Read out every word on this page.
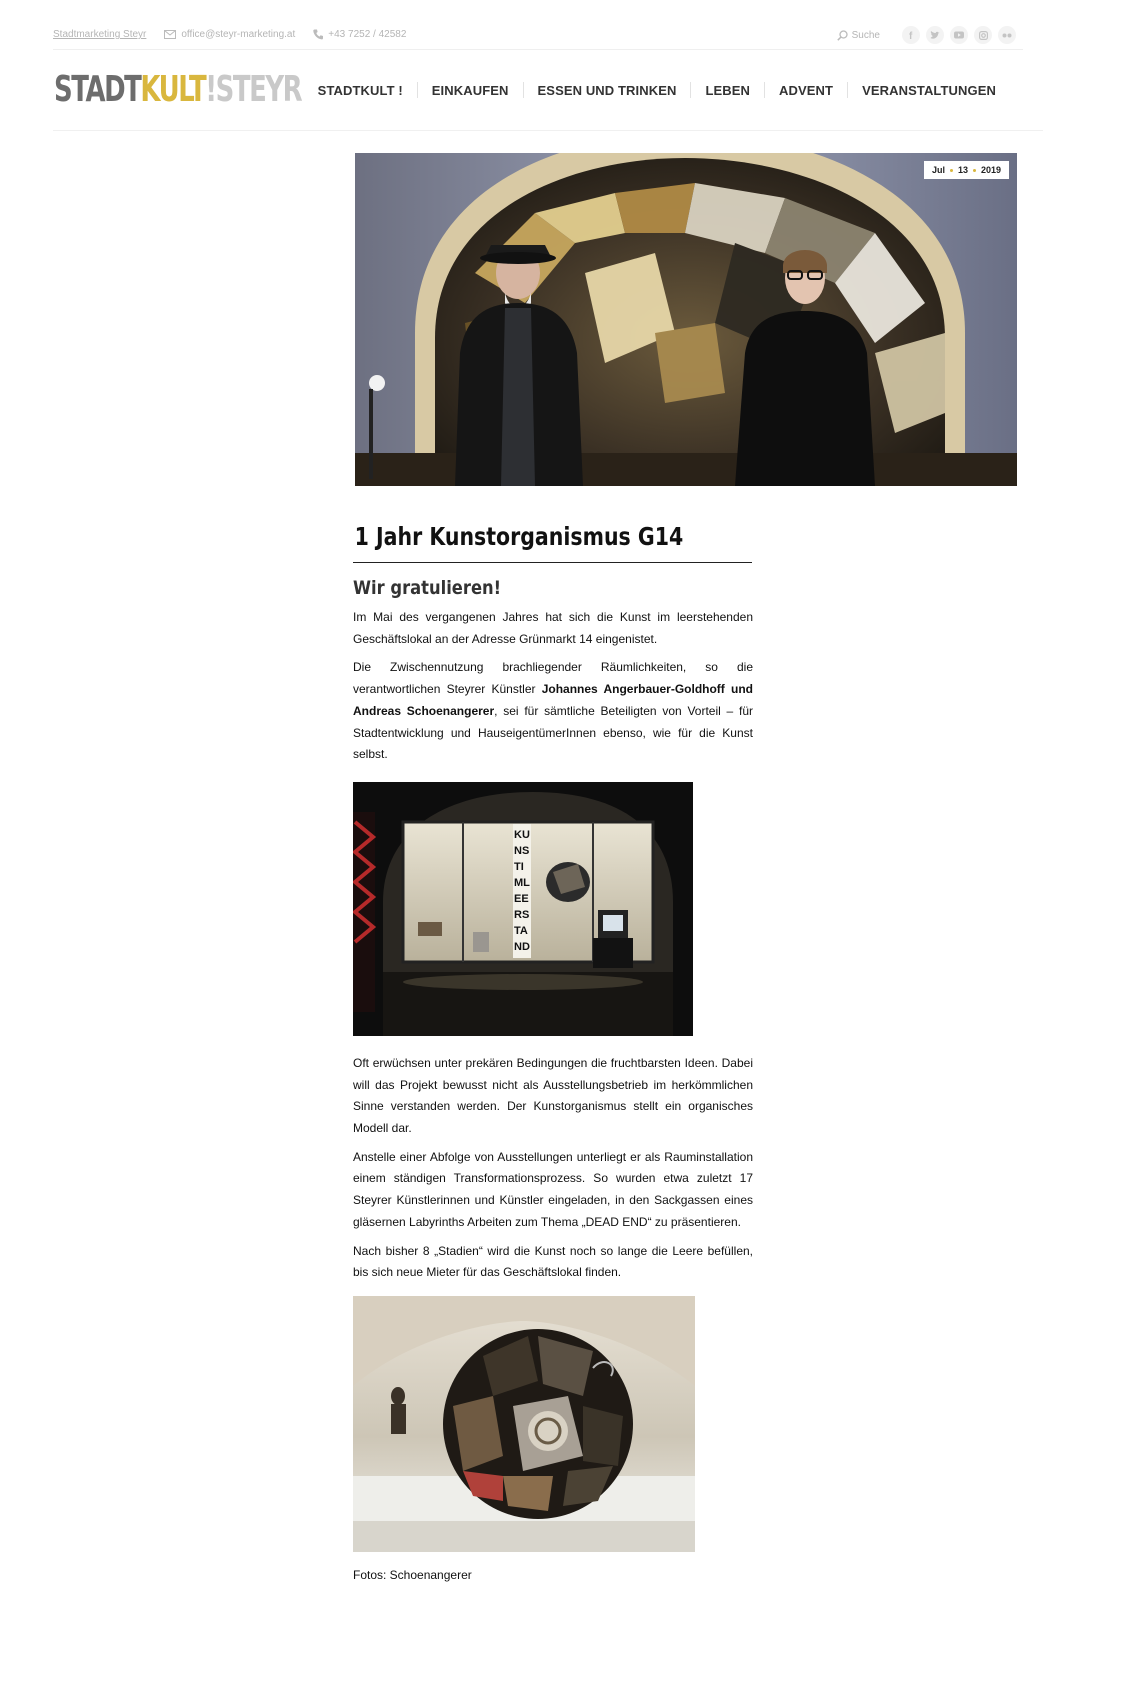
Stadtmarketing Steyr	office@steyr-marketing.at	+43 7252 / 42582	Suche	f
STADTKULT!STEYR	STADTKULT !	EINKAUFEN	ESSEN UND TRINKEN	LEBEN	ADVENT	VERANSTALTUNGEN
Jul 13 2019
1 Jahr Kunstorganismus G14
Wir gratulieren!

Im Mai des vergangenen Jahres hat sich die Kunst im leerstehenden Geschäftslokal an der Adresse Grünmarkt 14 eingenistet.

Die Zwischennutzung brachliegender Räumlichkeiten, so die verantwortlichen Steyrer Künstler Johannes Angerbauer-Goldhoff und Andreas Schoenangerer, sei für sämtliche Beteiligten von Vorteil – für Stadtentwicklung und HauseigentümerInnen ebenso, wie für die Kunst selbst.

KU
NS
TI
ML
EE
RS
TA
ND

Oft erwüchsen unter prekären Bedingungen die fruchtbarsten Ideen. Dabei will das Projekt bewusst nicht als Ausstellungsbetrieb im herkömmlichen Sinne verstanden werden. Der Kunstorganismus stellt ein organisches Modell dar.

Anstelle einer Abfolge von Ausstellungen unterliegt er als Rauminstallation einem ständigen Transformationsprozess. So wurden etwa zuletzt 17 Steyrer Künstlerinnen und Künstler eingeladen, in den Sackgassen eines gläsernen Labyrinths Arbeiten zum Thema „DEAD END“ zu präsentieren.

Nach bisher 8 „Stadien“ wird die Kunst noch so lange die Leere befüllen, bis sich neue Mieter für das Geschäftslokal finden.

Fotos: Schoenangerer
